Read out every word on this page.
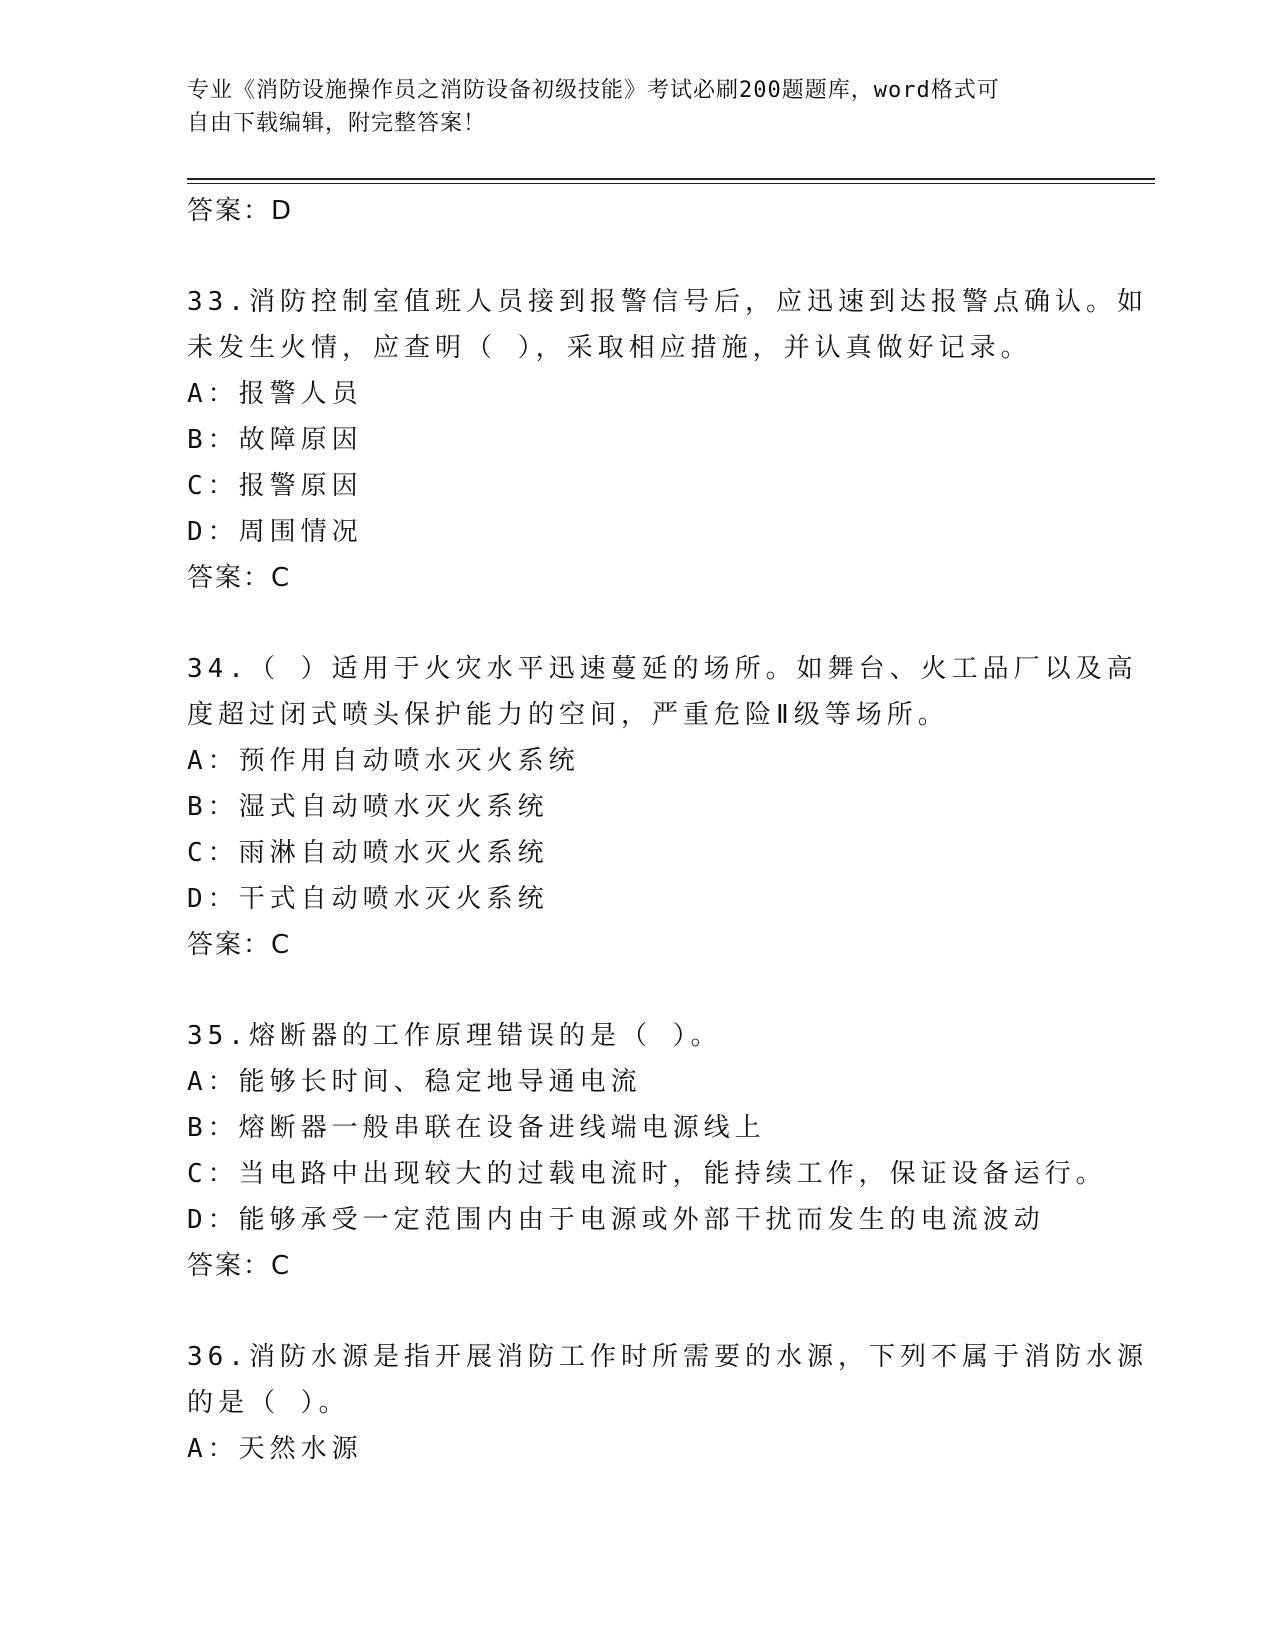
专业《消防设施操作员之消防设备初级技能》考试必刷200题题库，word格式可
自由下载编辑，附完整答案！
答案：D
33.消防控制室值班人员接到报警信号后，应迅速到达报警点确认。如
未发生火情，应查明（ ），采取相应措施，并认真做好记录。
A：报警人员
B：故障原因
C：报警原因
D：周围情况
答案：C
34.（ ）适用于火灾水平迅速蔓延的场所。如舞台、火工品厂以及高
度超过闭式喷头保护能力的空间，严重危险Ⅱ级等场所。
A：预作用自动喷水灭火系统
B：湿式自动喷水灭火系统
C：雨淋自动喷水灭火系统
D：干式自动喷水灭火系统
答案：C
35.熔断器的工作原理错误的是（ ）。
A：能够长时间、稳定地导通电流
B：熔断器一般串联在设备进线端电源线上
C：当电路中出现较大的过载电流时，能持续工作，保证设备运行。
D：能够承受一定范围内由于电源或外部干扰而发生的电流波动
答案：C
36.消防水源是指开展消防工作时所需要的水源，下列不属于消防水源
的是（ ）。
A：天然水源
